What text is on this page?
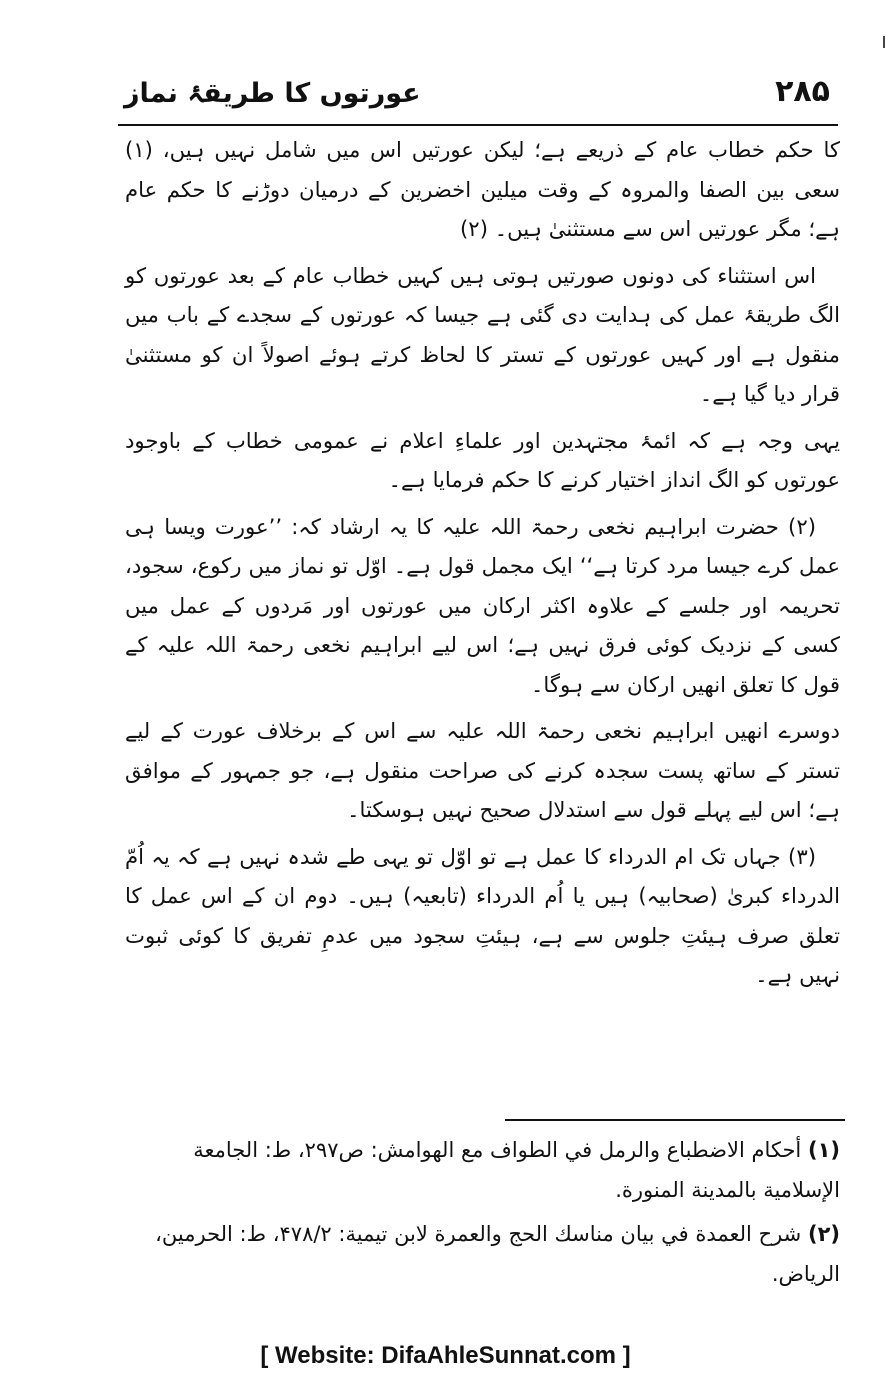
۲۸۵
عورتوں کا طریقۂ نماز

کا حکم خطاب عام کے ذریعے ہے؛ لیکن عورتیں اس میں شامل نہیں ہیں، (۱) سعی بین الصفا والمروہ کے وقت میلین اخضرین کے درمیان دوڑنے کا حکم عام ہے؛ مگر عورتیں اس سے مستثنیٰ ہیں۔ (۲)

اس استثناء کی دونوں صورتیں ہوتی ہیں کہیں خطاب عام کے بعد عورتوں کو الگ طریقۂ عمل کی ہدایت دی گئی ہے جیسا کہ عورتوں کے سجدے کے باب میں منقول ہے اور کہیں عورتوں کے تستر کا لحاظ کرتے ہوئے اصولاً ان کو مستثنیٰ قرار دیا گیا ہے۔

یہی وجہ ہے کہ ائمۂ مجتہدین اور علماءِ اعلام نے عمومی خطاب کے باوجود عورتوں کو الگ انداز اختیار کرنے کا حکم فرمایا ہے۔

(۲) حضرت ابراہیم نخعی رحمۃ اللہ علیہ کا یہ ارشاد کہ: ’’عورت ویسا ہی عمل کرے جیسا مرد کرتا ہے‘‘ ایک مجمل قول ہے۔ اوّل تو نماز میں رکوع، سجود، تحریمہ اور جلسے کے علاوہ اکثر ارکان میں عورتوں اور مَردوں کے عمل میں کسی کے نزدیک کوئی فرق نہیں ہے؛ اس لیے ابراہیم نخعی رحمۃ اللہ علیہ کے قول کا تعلق انھیں ارکان سے ہوگا۔

دوسرے انھیں ابراہیم نخعی رحمۃ اللہ علیہ سے اس کے برخلاف عورت کے لیے تستر کے ساتھ پست سجدہ کرنے کی صراحت منقول ہے، جو جمہور کے موافق ہے؛ اس لیے پہلے قول سے استدلال صحیح نہیں ہوسکتا۔

(۳) جہاں تک ام الدرداء کا عمل ہے تو اوّل تو یہی طے شدہ نہیں ہے کہ یہ اُمّ الدرداء کبریٰ (صحابیہ) ہیں یا اُم الدرداء (تابعیہ) ہیں۔ دوم ان کے اس عمل کا تعلق صرف ہیئتِ جلوس سے ہے، ہیئتِ سجود میں عدمِ تفریق کا کوئی ثبوت نہیں ہے۔

(۱) أحكام الاضطباع والرمل في الطواف مع الهوامش: ص۲۹۷، ط: الجامعة الإسلامية بالمدينة المنورة.

(۲) شرح العمدة في بيان مناسك الحج والعمرة لابن تيمية: ۴۷۸/۲، ط: الحرمين، الرياض.

[ Website: DifaAhleSunnat.com ]
